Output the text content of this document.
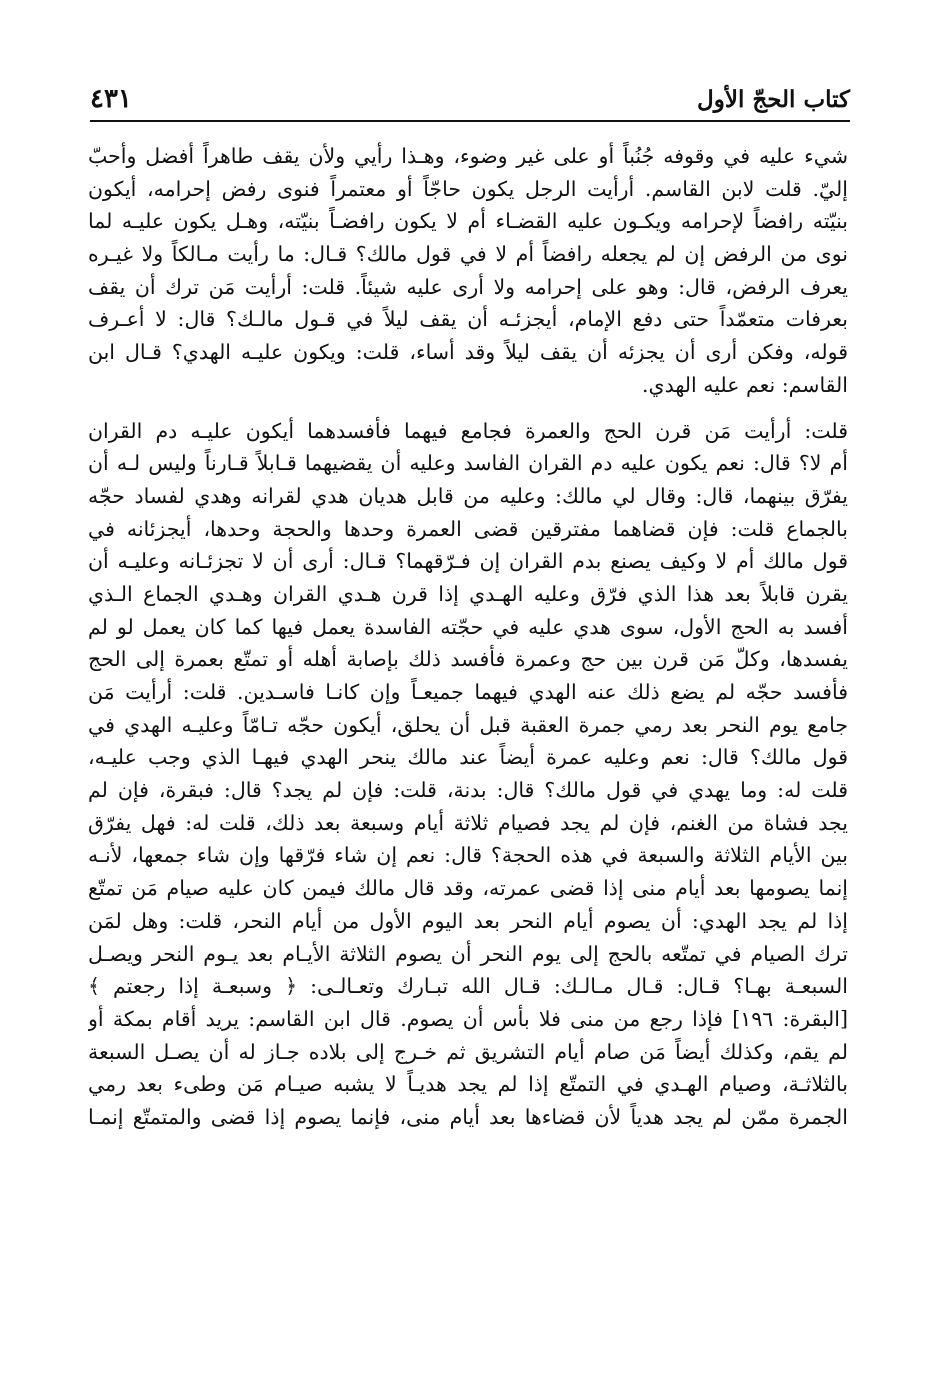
كتاب الحجّ الأول
٤٣١

شيء عليه في وقوفه جُنُباً أو على غير وضوء، وهـذا رأيي ولأن يقف طاهراً أفضل وأحبّ
إليّ. قلت لابن القاسم. أرأيت الرجل يكون حاجّاً أو معتمراً فنوى رفض إحرامه، أيكون
بنيّته رافضاً لإحرامه ويكـون عليه القضـاء أم لا يكون رافضـاً بنيّته، وهـل يكون عليـه لما
نوى من الرفض إن لم يجعله رافضاً أم لا في قول مالك؟ قـال: ما رأيت مـالكاً ولا غيـره
يعرف الرفض، قال: وهو على إحرامه ولا أرى عليه شيئاً. قلت: أرأيت مَن ترك أن يقف
بعرفات متعمّداً حتى دفع الإمام، أيجزئـه أن يقف ليلاً في قـول مالـك؟ قال: لا أعـرف
قوله، وفكن أرى أن يجزئه أن يقف ليلاً وقد أساء، قلت: ويكون عليـه الهدي؟ قـال ابن
القاسم: نعم عليه الهدي.

قلت: أرأيت مَن قرن الحج والعمرة فجامع فيهما فأفسدهما أيكون عليـه دم القران
أم لا؟ قال: نعم يكون عليه دم القران الفاسد وعليه أن يقضيهما قـابلاً قـارناً وليس لـه أن
يفرّق بينهما، قال: وقال لي مالك: وعليه من قابل هديان هدي لقرانه وهدي لفساد حجّه
بالجماع قلت: فإن قضاهما مفترقين قضى العمرة وحدها والحجة وحدها، أيجزئانه في
قول مالك أم لا وكيف يصنع بدم القران إن فـرّقهما؟ قـال: أرى أن لا تجزئـانه وعليـه أن
يقرن قابلاً بعد هذا الذي فرّق وعليه الهـدي إذا قرن هـدي القران وهـدي الجماع الـذي
أفسد به الحج الأول، سوى هدي عليه في حجّته الفاسدة يعمل فيها كما كان يعمل لو لم
يفسدها، وكلّ مَن قرن بين حج وعمرة فأفسد ذلك بإصابة أهله أو تمتّع بعمرة إلى الحج
فأفسد حجّه لم يضع ذلك عنه الهدي فيهما جميعـاً وإن كانـا فاسـدين. قلت: أرأيت مَن
جامع يوم النحر بعد رمي جمرة العقبة قبل أن يحلق، أيكون حجّه تـامّاً وعليـه الهدي في
قول مالك؟ قال: نعم وعليه عمرة أيضاً عند مالك ينحر الهدي فيهـا الذي وجب عليـه،
قلت له: وما يهدي في قول مالك؟ قال: بدنة، قلت: فإن لم يجد؟ قال: فبقرة، فإن لم
يجد فشاة من الغنم، فإن لم يجد فصيام ثلاثة أيام وسبعة بعد ذلك، قلت له: فهل يفرّق
بين الأيام الثلاثة والسبعة في هذه الحجة؟ قال: نعم إن شاء فرّقها وإن شاء جمعها، لأنـه
إنما يصومها بعد أيام منى إذا قضى عمرته، وقد قال مالك فيمن كان عليه صيام مَن تمتّع
إذا لم يجد الهدي: أن يصوم أيام النحر بعد اليوم الأول من أيام النحر، قلت: وهل لمَن
ترك الصيام في تمتّعه بالحج إلى يوم النحر أن يصوم الثلاثة الأيـام بعد يـوم النحر ويصـل
السبعـة بهـا؟ قـال: قـال مـالـك: قـال الله تبـارك وتعـالـى: ﴿ وسبعـة إذا رجعتم ﴾
[البقرة: ١٩٦] فإذا رجع من منى فلا بأس أن يصوم. قال ابن القاسم: يريد أقام بمكة أو
لم يقم، وكذلك أيضاً مَن صام أيام التشريق ثم خـرج إلى بلاده جـاز له أن يصـل السبعة
بالثلاثـة، وصيام الهـدي في التمتّع إذا لم يجد هديـاً لا يشبه صيـام مَن وطىء بعد رمي
الجمرة ممّن لم يجد هدياً لأن قضاءها بعد أيام منى، فإنما يصوم إذا قضى والمتمتّع إنمـا
